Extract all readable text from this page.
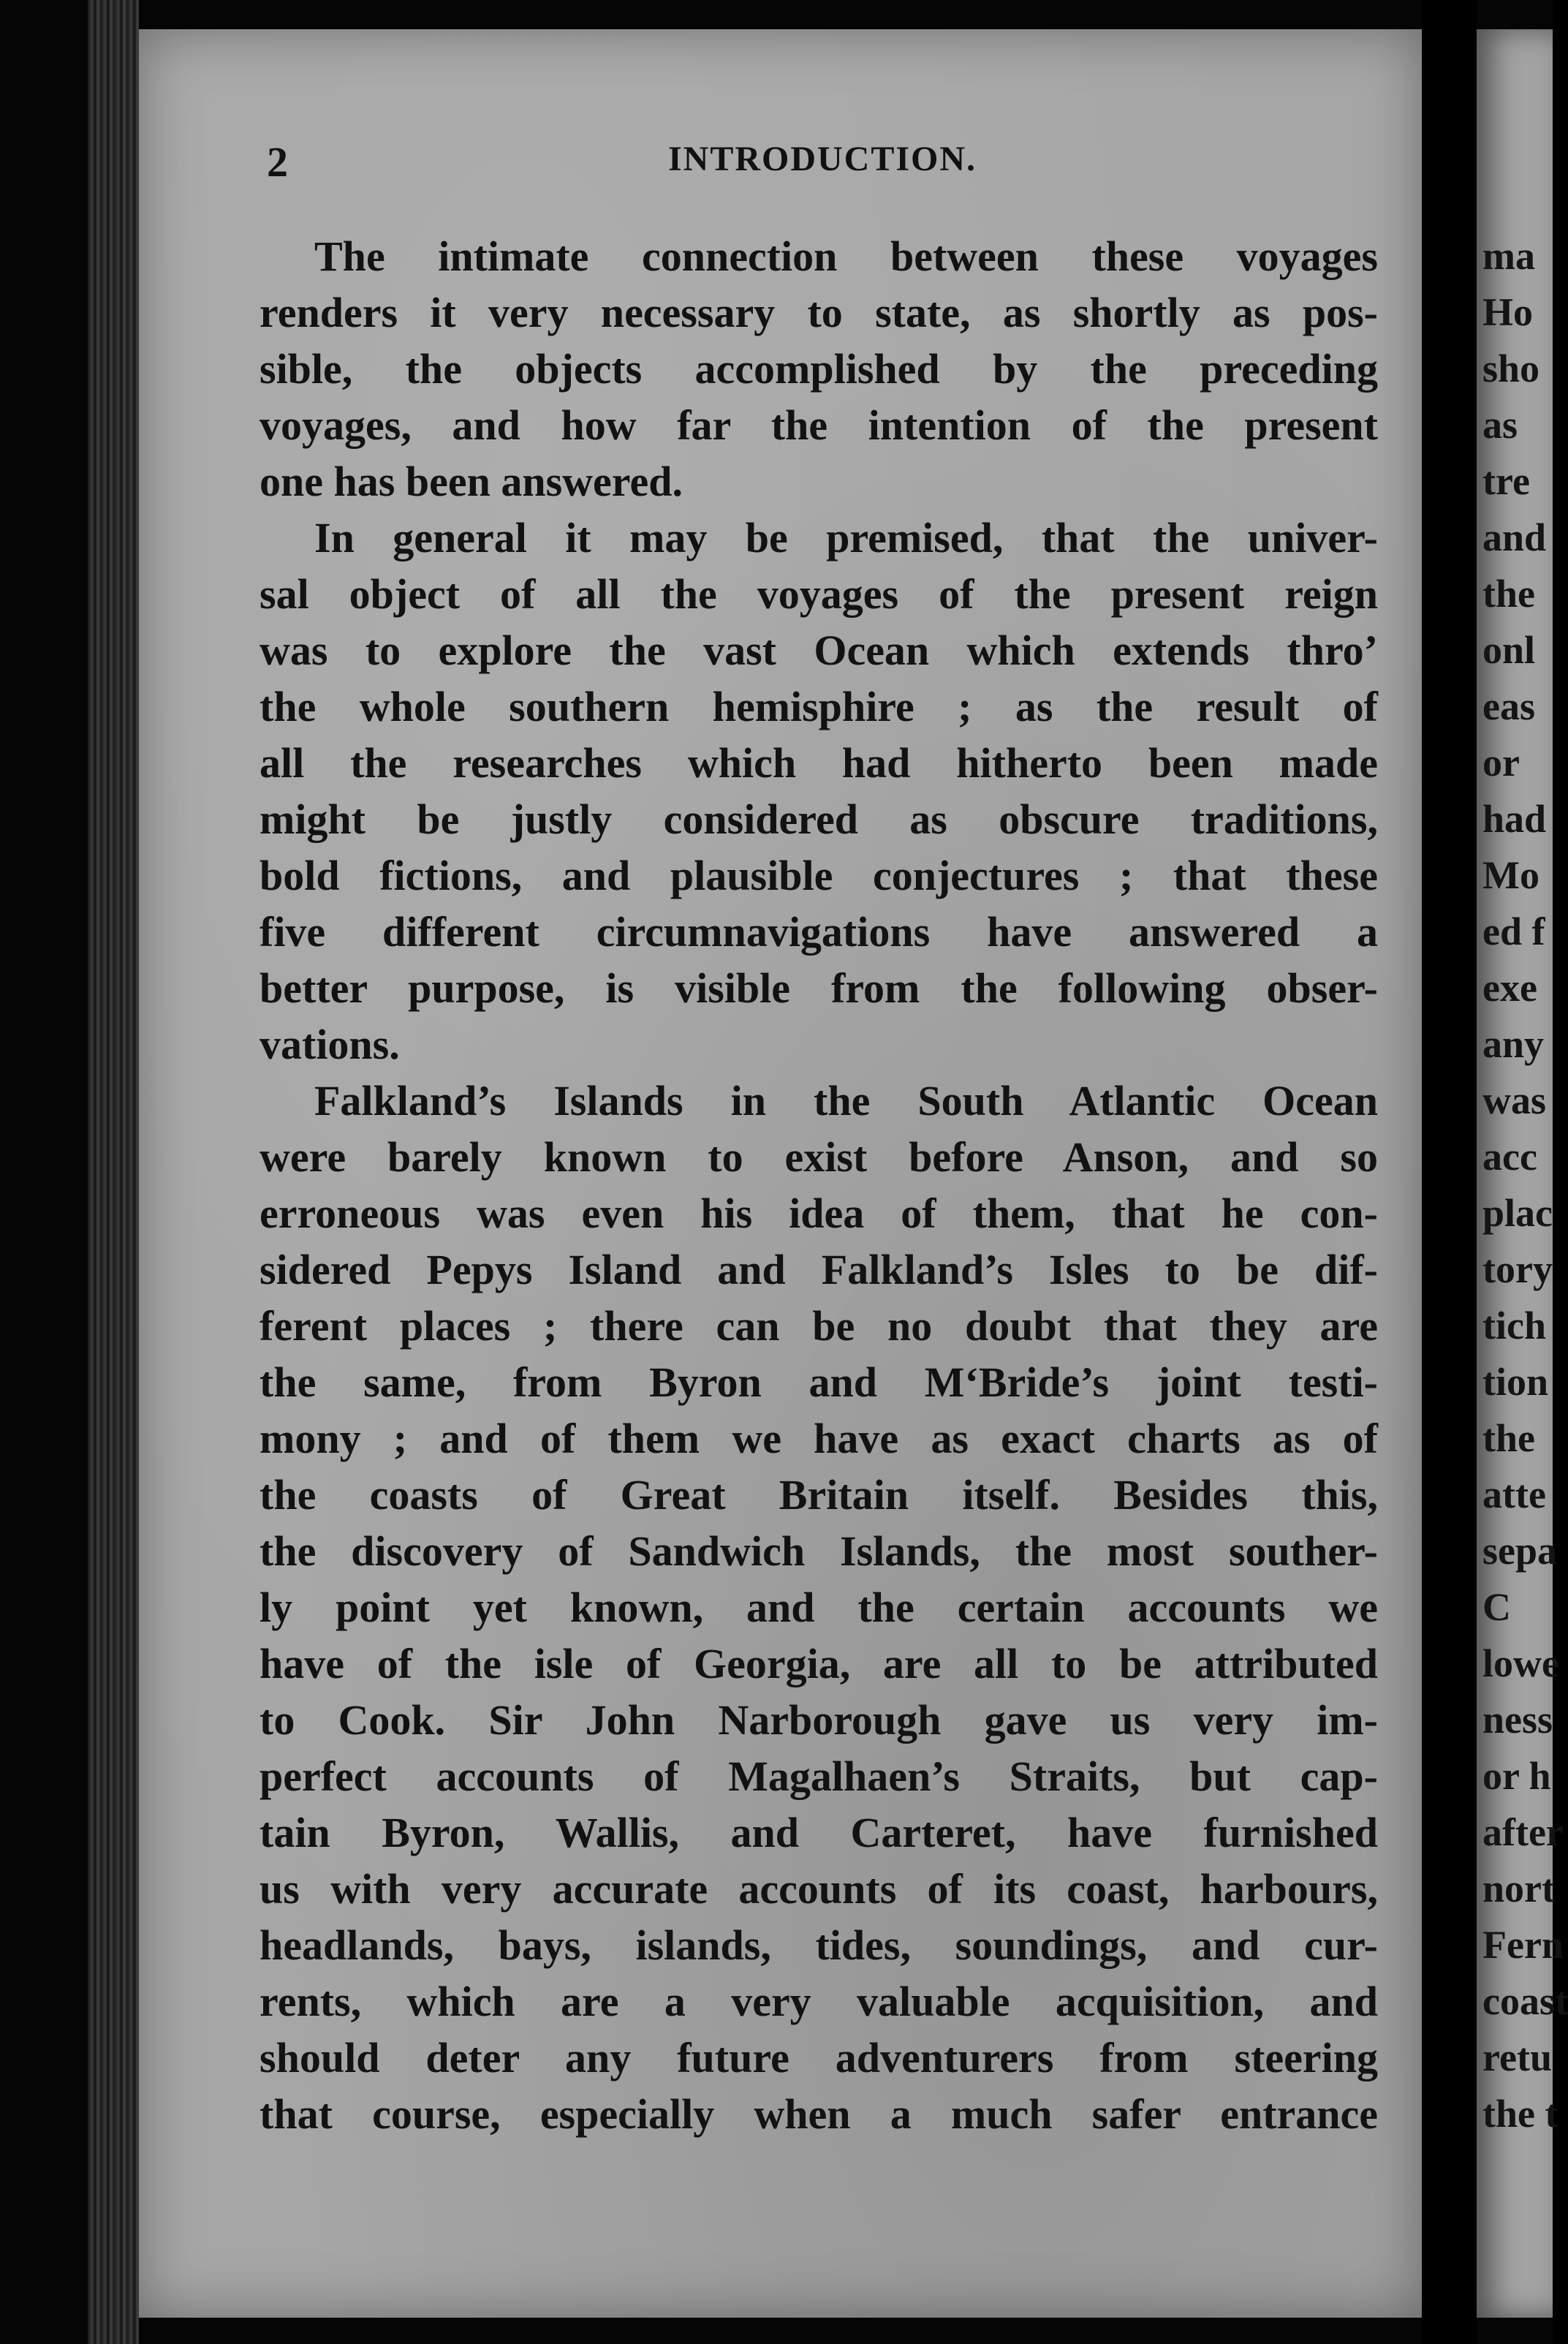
2	INTRODUCTION.
The intimate connection between these voyages
renders it very necessary to state, as shortly as pos-
sible, the objects accomplished by the preceding
voyages, and how far the intention of the present
one has been answered.
In general it may be premised, that the univer-
sal object of all the voyages of the present reign
was to explore the vast Ocean which extends thro’
the whole southern hemisphire ; as the result of
all the researches which had hitherto been made
might be justly considered as obscure traditions,
bold fictions, and plausible conjectures ; that these
five different circumnavigations have answered a
better purpose, is visible from the following obser-
vations.
Falkland’s Islands in the South Atlantic Ocean
were barely known to exist before Anson, and so
erroneous was even his idea of them, that he con-
sidered Pepys Island and Falkland’s Isles to be dif-
ferent places ; there can be no doubt that they are
the same, from Byron and M‘Bride’s joint testi-
mony ; and of them we have as exact charts as of
the coasts of Great Britain itself. Besides this,
the discovery of Sandwich Islands, the most souther-
ly point yet known, and the certain accounts we
have of the isle of Georgia, are all to be attributed
to Cook. Sir John Narborough gave us very im-
perfect accounts of Magalhaen’s Straits, but cap-
tain Byron, Wallis, and Carteret, have furnished
us with very accurate accounts of its coast, harbours,
headlands, bays, islands, tides, soundings, and cur-
rents, which are a very valuable acquisition, and
should deter any future adventurers from steering
that course, especially when a much safer entrance
ma
Ho
sho
as
tre
and
the
onl
eas
or
had
Mo
ed f
exe
any
was
acc
plac
tory
tich
tion
the
atte
sepa
C
lowe
ness
or h
after
nort
Fern
coast
retu
the t
